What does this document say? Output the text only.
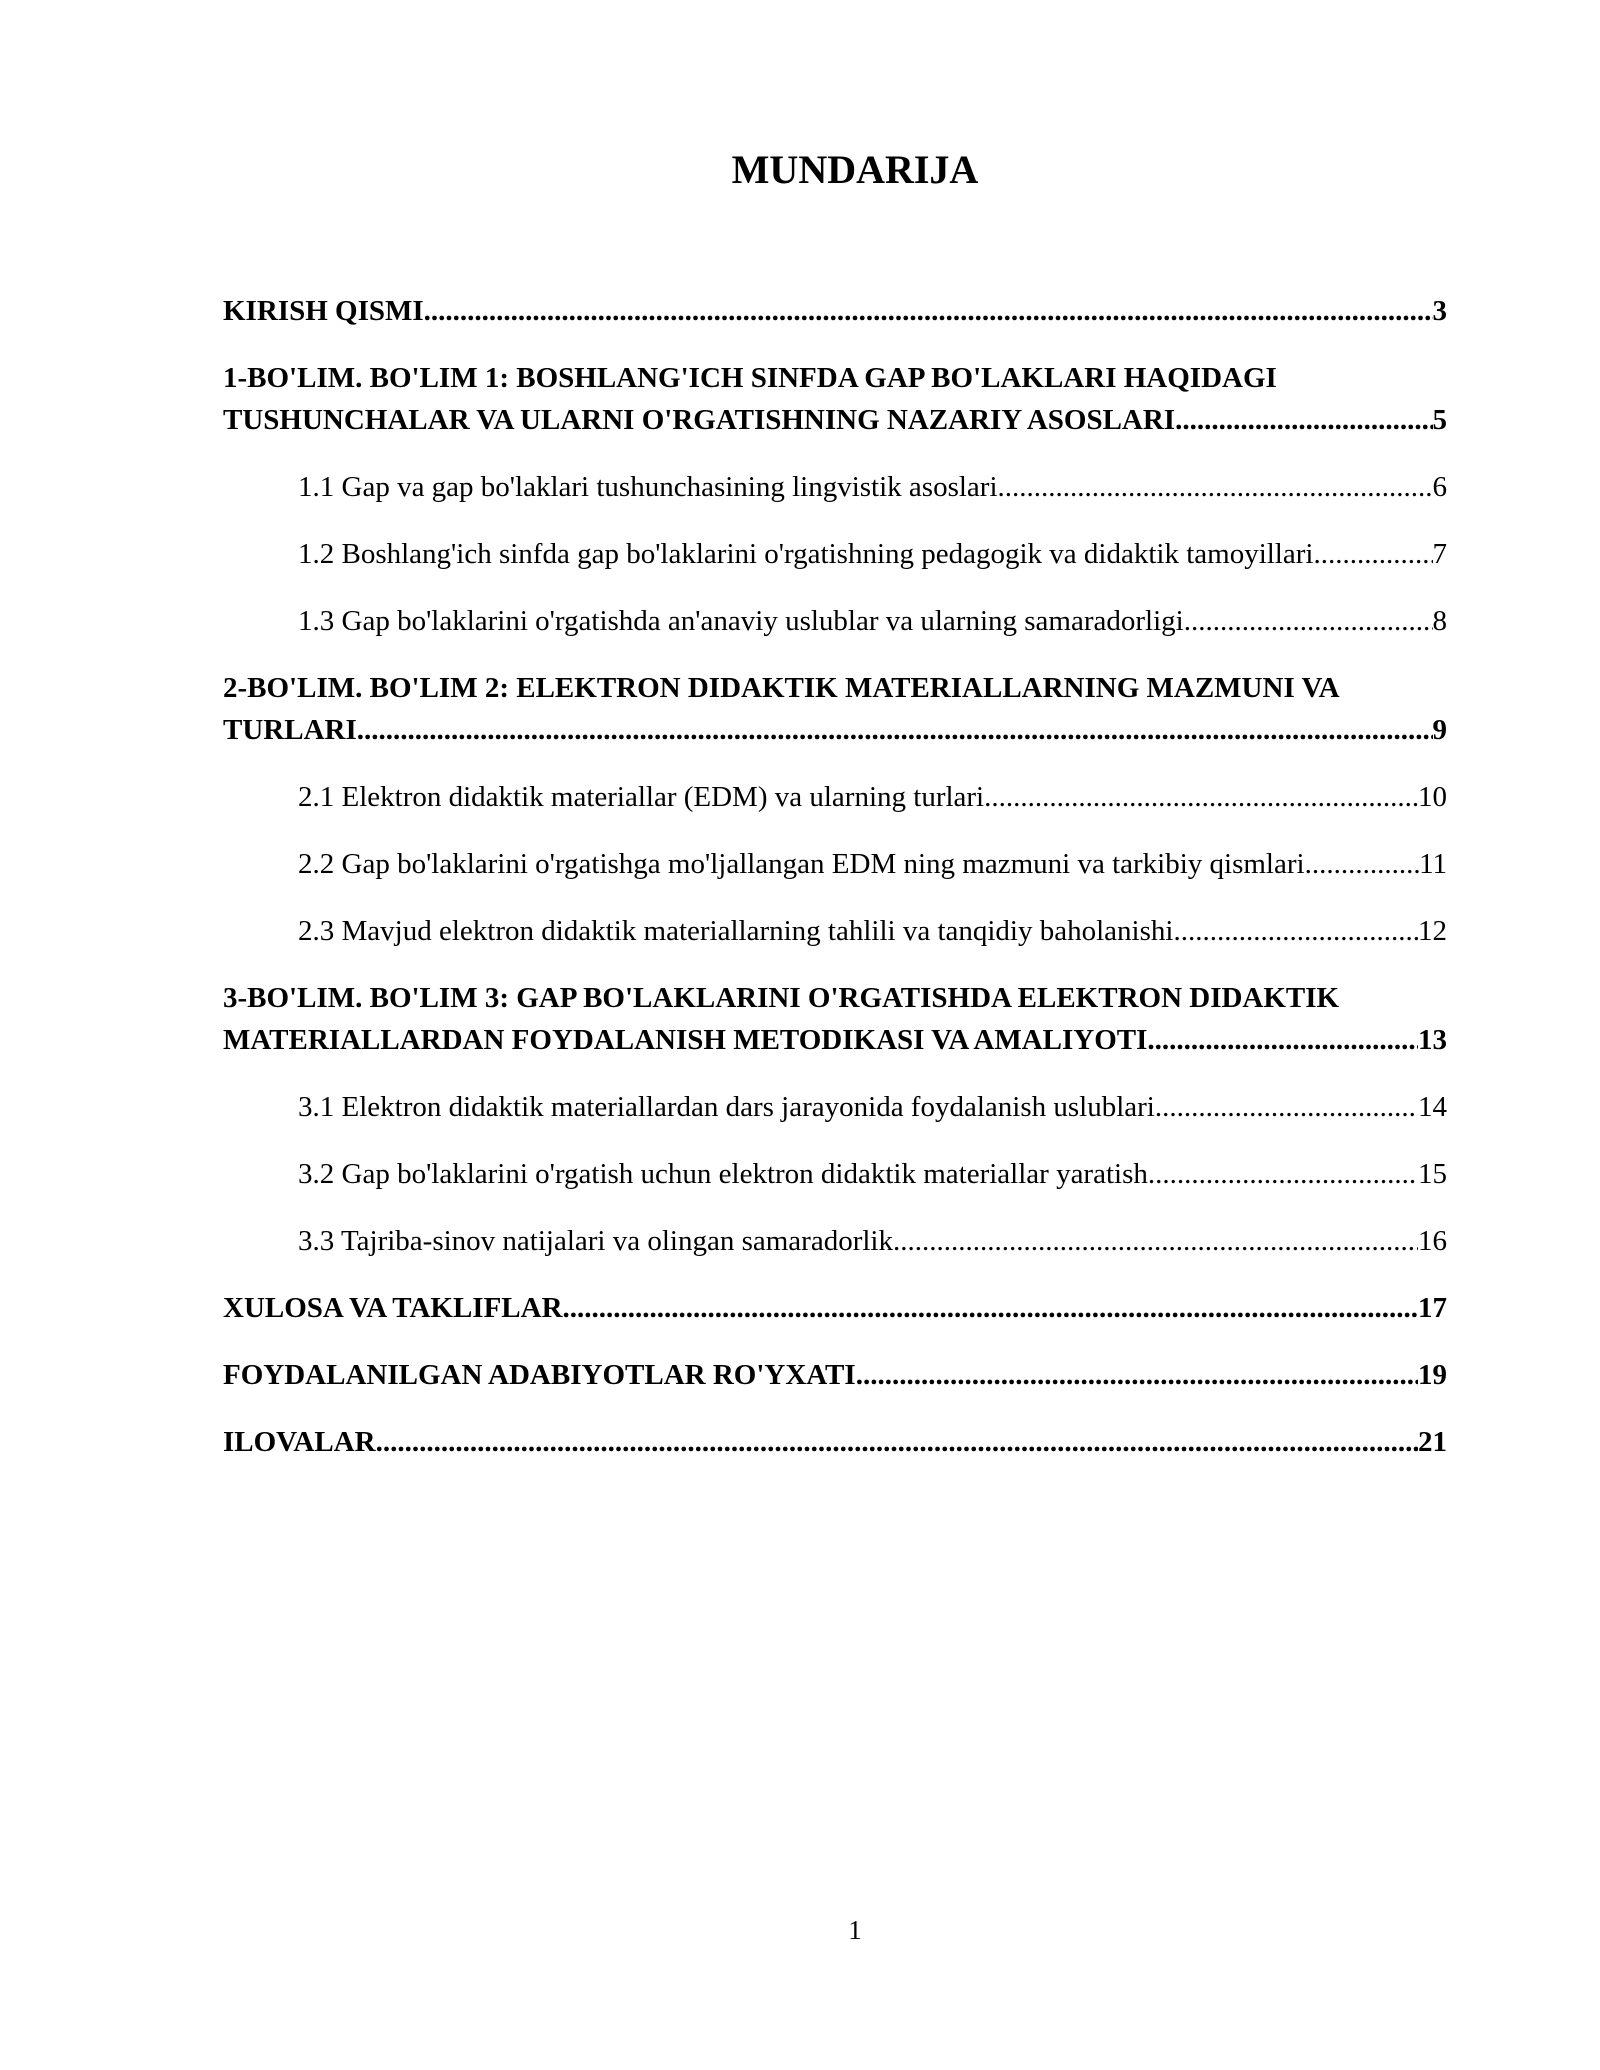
MUNDARIJA
KIRISH QISMI .....	3
1-BO'LIM. BO'LIM 1: BOSHLANG'ICH SINFDA GAP BO'LAKLARI HAQIDAGI
TUSHUNCHALAR VA ULARNI O'RGATISHNING NAZARIY ASOSLARI .....	5
1.1 Gap va gap bo'laklari tushunchasining lingvistik asoslari .....	6
1.2 Boshlang'ich sinfda gap bo'laklarini o'rgatishning pedagogik va didaktik tamoyillari .....	7
1.3 Gap bo'laklarini o'rgatishda an'anaviy uslublar va ularning samaradorligi .....	8
2-BO'LIM. BO'LIM 2: ELEKTRON DIDAKTIK MATERIALLARNING MAZMUNI VA
TURLARI .....	9
2.1 Elektron didaktik materiallar (EDM) va ularning turlari .....	10
2.2 Gap bo'laklarini o'rgatishga mo'ljallangan EDM ning mazmuni va tarkibiy qismlari .....	11
2.3 Mavjud elektron didaktik materiallarning tahlili va tanqidiy baholanishi .....	12
3-BO'LIM. BO'LIM 3: GAP BO'LAKLARINI O'RGATISHDA ELEKTRON DIDAKTIK
MATERIALLARDAN FOYDALANISH METODIKASI VA AMALIYOTI .....	13
3.1 Elektron didaktik materiallardan dars jarayonida foydalanish uslublari .....	14
3.2 Gap bo'laklarini o'rgatish uchun elektron didaktik materiallar yaratish .....	15
3.3 Tajriba-sinov natijalari va olingan samaradorlik .....	16
XULOSA VA TAKLIFLAR .....	17
FOYDALANILGAN ADABIYOTLAR RO'YXATI .....	19
ILOVALAR .....	21
1
